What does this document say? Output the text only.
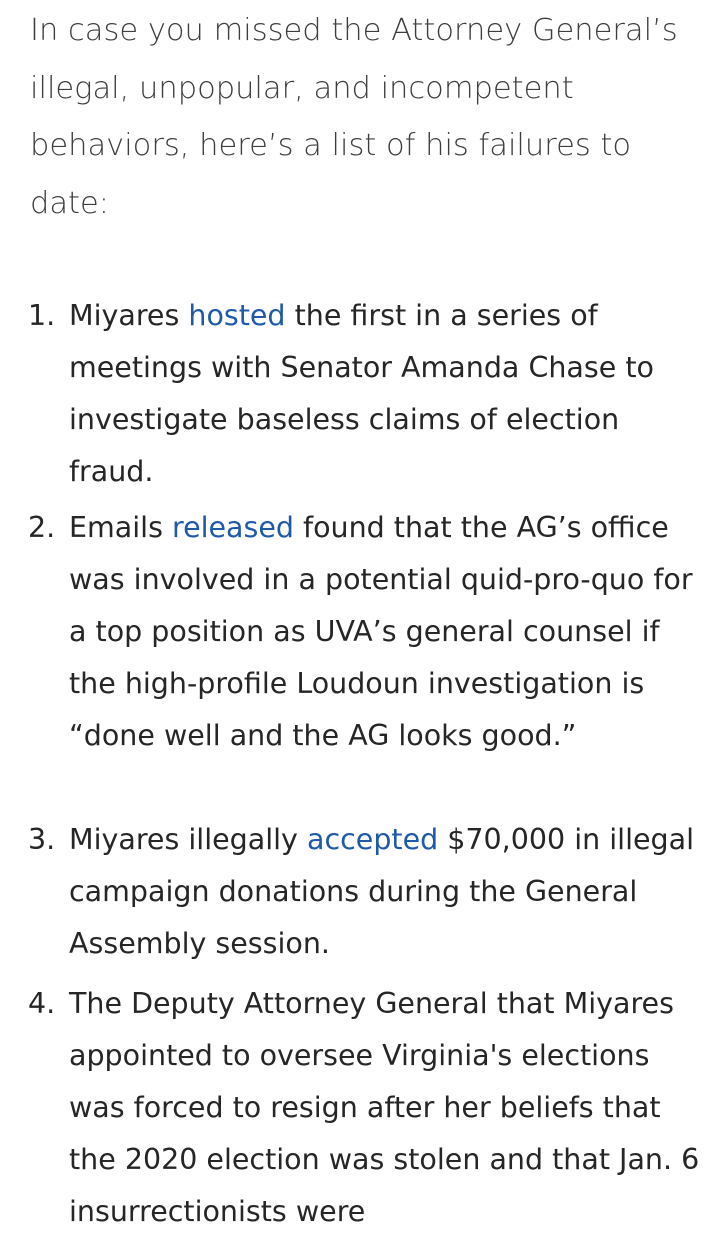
In case you missed the Attorney General’s illegal, unpopular, and incompetent behaviors, here’s a list of his failures to date:

1. Miyares hosted the first in a series of meetings with Senator Amanda Chase to investigate baseless claims of election fraud.
2. Emails released found that the AG’s office was involved in a potential quid-pro-quo for a top position as UVA’s general counsel if the high-profile Loudoun investigation is “done well and the AG looks good.”
3. Miyares illegally accepted $70,000 in illegal campaign donations during the General Assembly session.
4. The Deputy Attorney General that Miyares appointed to oversee Virginia's elections was forced to resign after her beliefs that the 2020 election was stolen and that Jan. 6 insurrectionists were
